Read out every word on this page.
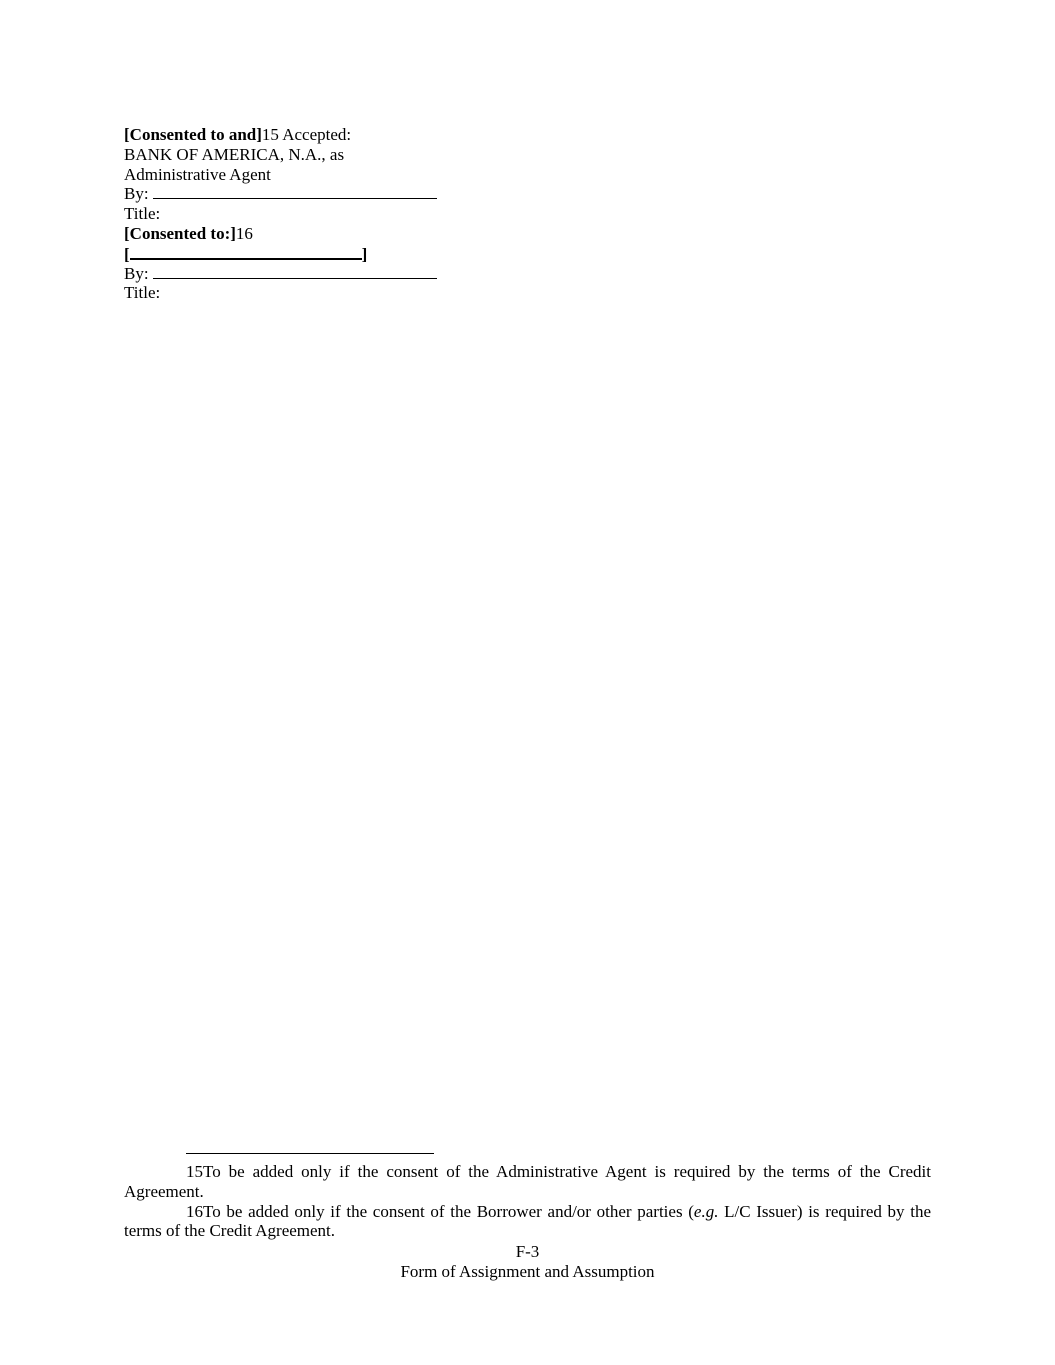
[Consented to and]15 Accepted:
BANK OF AMERICA, N.A., as
Administrative Agent
By:
Title:
[Consented to:]16
[	]
By:
Title:

15To be added only if the consent of the Administrative Agent is required by the terms of the Credit Agreement.

16To be added only if the consent of the Borrower and/or other parties (e.g. L/C Issuer) is required by the terms of the Credit Agreement.

F-3
Form of Assignment and Assumption
